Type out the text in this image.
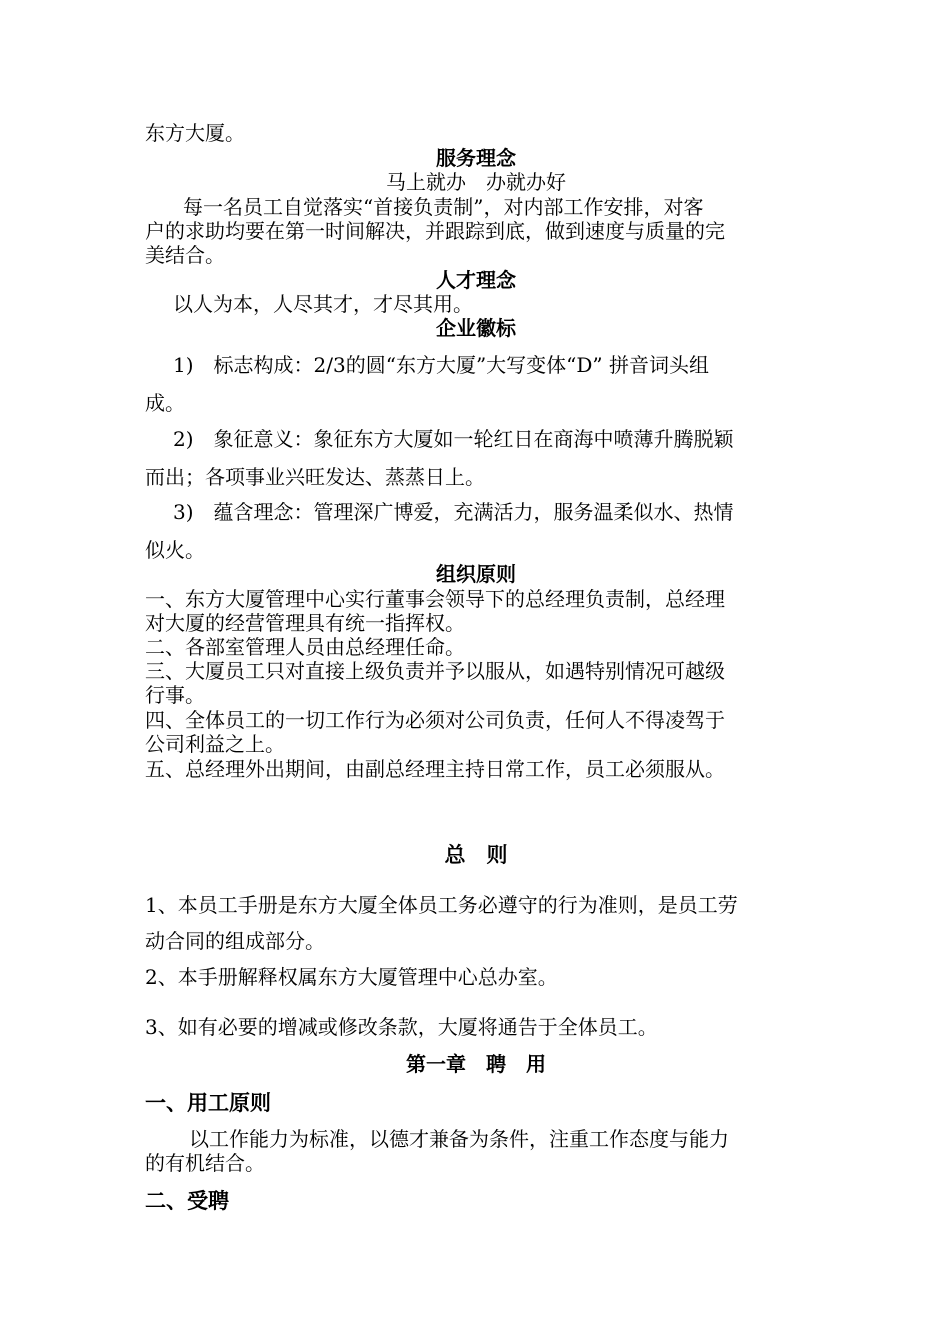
东方大厦。
服务理念
马上就办　办就办好
每一名员工自觉落实“首接负责制”，对内部工作安排，对客
户的求助均要在第一时间解决，并跟踪到底，做到速度与质量的完
美结合。
人才理念
以人为本，人尽其才，才尽其用。
企业徽标
1)　标志构成：2/3的圆“东方大厦”大写变体“D” 拼音词头组
成。
2)　象征意义：象征东方大厦如一轮红日在商海中喷薄升腾脱颖
而出；各项事业兴旺发达、蒸蒸日上。
3)　蕴含理念：管理深广博爱，充满活力，服务温柔似水、热情
似火。
组织原则
一、东方大厦管理中心实行董事会领导下的总经理负责制，总经理
对大厦的经营管理具有统一指挥权。
二、各部室管理人员由总经理任命。
三、大厦员工只对直接上级负责并予以服从，如遇特别情况可越级
行事。
四、全体员工的一切工作行为必须对公司负责，任何人不得凌驾于
公司利益之上。
五、总经理外出期间，由副总经理主持日常工作，员工必须服从。
总　则
1、本员工手册是东方大厦全体员工务必遵守的行为准则，是员工劳
动合同的组成部分。
2、本手册解释权属东方大厦管理中心总办室。
3、如有必要的增减或修改条款，大厦将通告于全体员工。
第一章　聘　用
一、用工原则
以工作能力为标准，以德才兼备为条件，注重工作态度与能力
的有机结合。
二、受聘
